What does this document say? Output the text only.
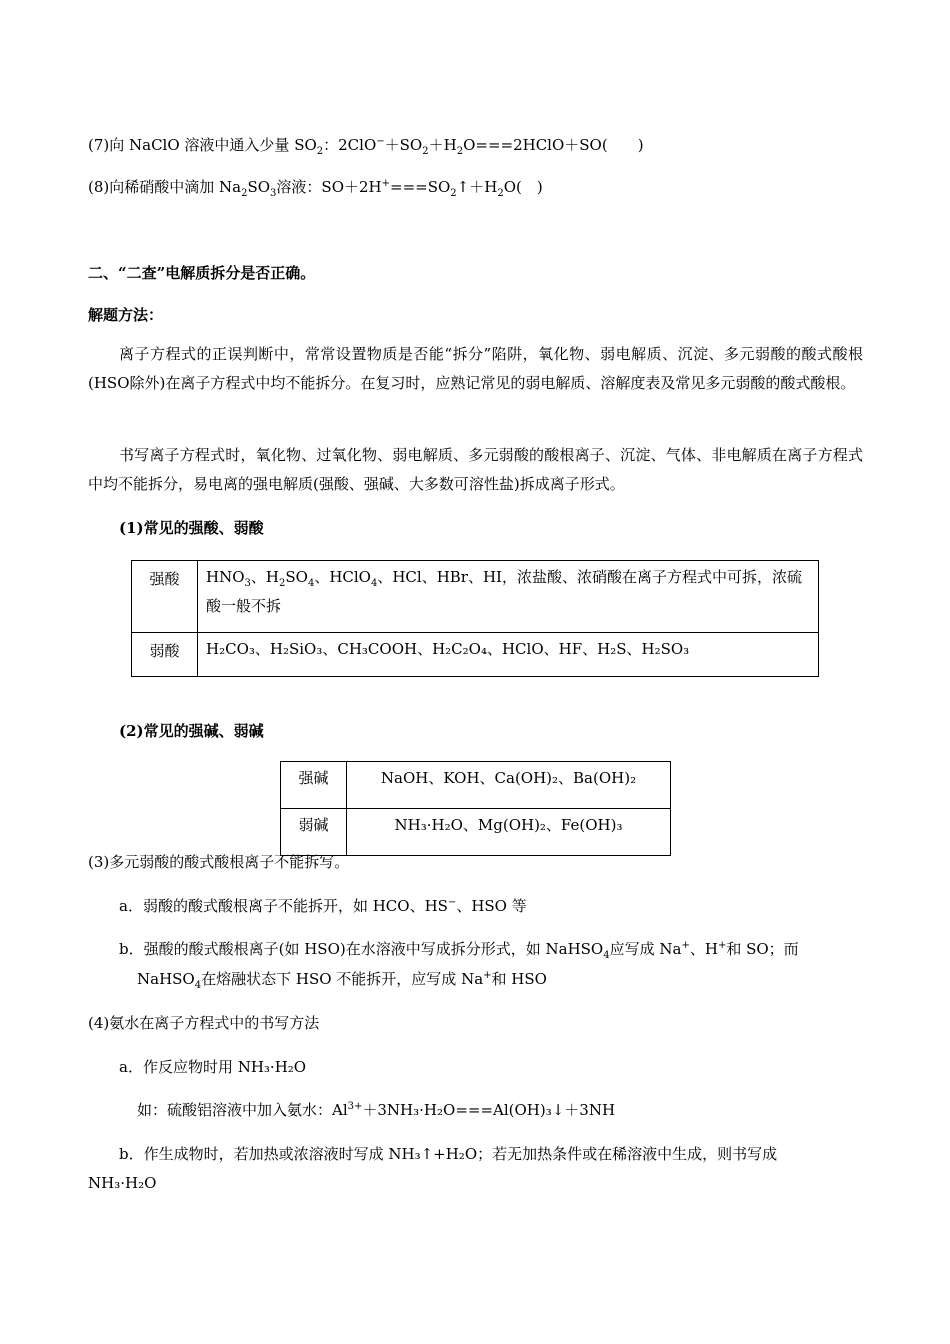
(7)向 NaClO 溶液中通入少量 $SO_2$：$2ClO^-+SO_2+H_2O===2HClO+SO$(　　)
(8)向稀硝酸中滴加 $Na_2SO_3$溶液：$SO+2H^+===SO_2↑+H_2O$(　)
二、“二查”电解质拆分是否正确。
解题方法：
离子方程式的正误判断中，常常设置物质是否能“拆分”陷阱，氧化物、弱电解质、沉淀、多元弱酸的酸式酸根(HSO除外)在离子方程式中均不能拆分。在复习时，应熟记常见的弱电解质、溶解度表及常见多元弱酸的酸式酸根。
书写离子方程式时，氧化物、过氧化物、弱电解质、多元弱酸的酸根离子、沉淀、气体、非电解质在离子方程式中均不能拆分，易电离的强电解质(强酸、强碱、大多数可溶性盐)拆成离子形式。
(1)常见的强酸、弱酸
强酸	$HNO_3$、$H_2SO_4$、HClO$_4$、HCl、HBr、HI，浓盐酸、浓硝酸在离子方程式中可拆，浓硫酸一般不拆
弱酸	H₂CO₃、H₂SiO₃、CH₃COOH、H₂C₂O₄、HClO、HF、H₂S、H₂SO₃
(2)常见的强碱、弱碱
强碱	NaOH、KOH、Ca(OH)₂、Ba(OH)₂
弱碱	NH₃·H₂O、Mg(OH)₂、Fe(OH)₃
(3)多元弱酸的酸式酸根离子不能拆写。
a．弱酸的酸式酸根离子不能拆开，如 HCO、HS−、HSO 等
b．强酸的酸式酸根离子(如 HSO)在水溶液中写成拆分形式，如 NaHSO$_4$应写成 Na+、H+和 SO；而
NaHSO$_4$在熔融状态下 HSO 不能拆开，应写成 Na+和 HSO
(4)氨水在离子方程式中的书写方法
a．作反应物时用 NH₃·H₂O
如：硫酸铝溶液中加入氨水：$Al^{3+}+3NH_3\cdot H_2O===Al(OH)_3↓+3NH$
b．作生成物时，若加热或浓溶液时写成 NH₃↑+H₂O；若无加热条件或在稀溶液中生成，则书写成
NH₃·H₂O
